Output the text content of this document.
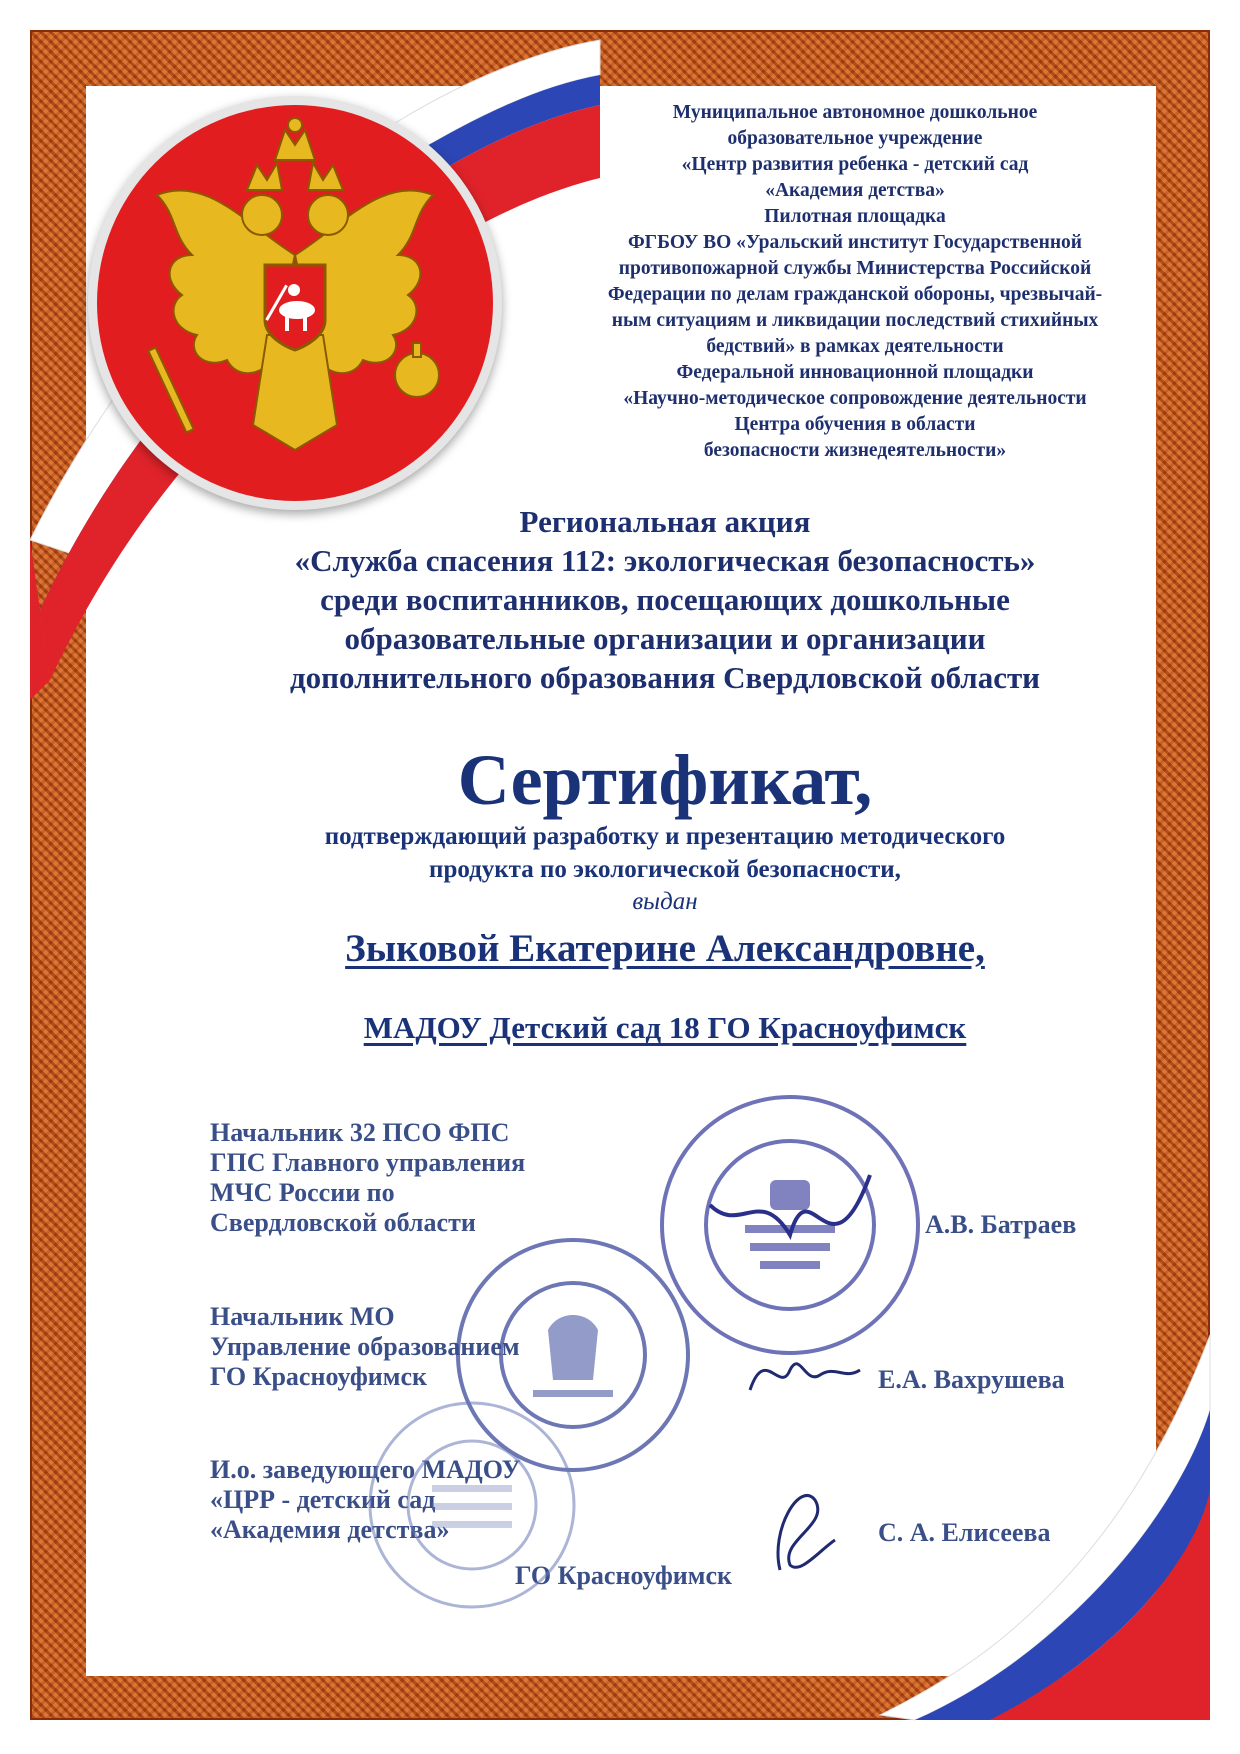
Муниципальное автономное дошкольное
образовательное учреждение
«Центр развития ребенка - детский сад
«Академия детства»
Пилотная площадка
ФГБОУ ВО «Уральский институт Государственной
противопожарной службы Министерства Российской
Федерации по делам гражданской обороны, чрезвычай-
ным ситуациям и ликвидации последствий стихийных
бедствий» в рамках деятельности
Федеральной инновационной площадки
«Научно-методическое сопровождение деятельности
Центра обучения в области
безопасности жизнедеятельности»
Региональная акция
«Служба спасения 112: экологическая безопасность»
среди воспитанников, посещающих дошкольные
образовательные организации и организации
дополнительного образования Свердловской области
Сертификат,
подтверждающий разработку и презентацию методического
продукта по экологической безопасности,
выдан
Зыковой Екатерине Александровне,
МАДОУ Детский сад 18 ГО Красноуфимск
Начальник 32 ПСО ФПС
ГПС Главного управления
МЧС России по
Свердловской области	А.В. Батраев
Начальник МО
Управление образованием
ГО Красноуфимск	Е.А. Вахрушева
И.о. заведующего МАДОУ
«ЦРР - детский сад
«Академия детства»
ГО Красноуфимск
С. А. Елисеева
